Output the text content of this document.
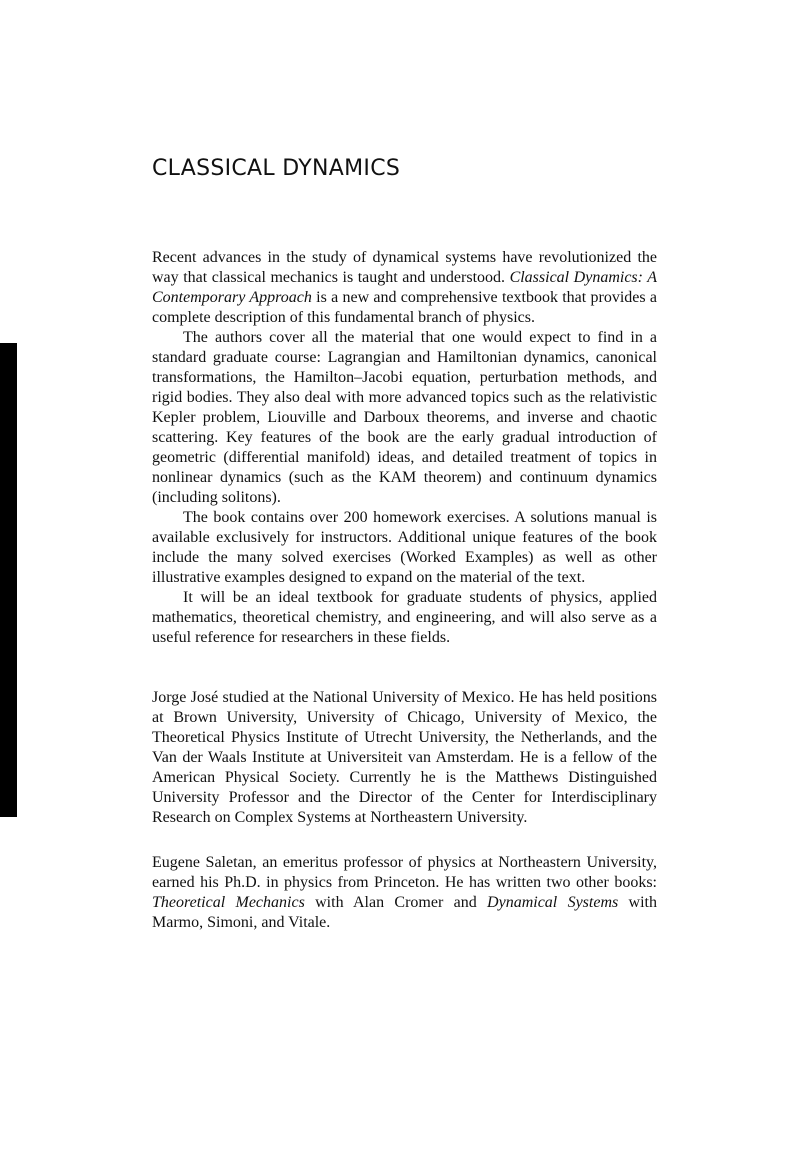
CLASSICAL DYNAMICS

Recent advances in the study of dynamical systems have revolutionized the way that classical mechanics is taught and understood. Classical Dynamics: A Contemporary Approach is a new and comprehensive textbook that provides a complete description of this fundamental branch of physics.

The authors cover all the material that one would expect to find in a standard graduate course: Lagrangian and Hamiltonian dynamics, canonical transformations, the Hamilton–Jacobi equation, perturbation methods, and rigid bodies. They also deal with more advanced topics such as the relativistic Kepler problem, Liouville and Darboux theorems, and inverse and chaotic scattering. Key features of the book are the early gradual introduction of geometric (differential manifold) ideas, and detailed treatment of topics in nonlinear dynamics (such as the KAM theorem) and continuum dynamics (including solitons).

The book contains over 200 homework exercises. A solutions manual is available exclusively for instructors. Additional unique features of the book include the many solved exercises (Worked Examples) as well as other illustrative examples designed to expand on the material of the text.

It will be an ideal textbook for graduate students of physics, applied mathematics, theoretical chemistry, and engineering, and will also serve as a useful reference for researchers in these fields.

Jorge José studied at the National University of Mexico. He has held positions at Brown University, University of Chicago, University of Mexico, the Theoretical Physics Institute of Utrecht University, the Netherlands, and the Van der Waals Institute at Universiteit van Amsterdam. He is a fellow of the American Physical Society. Currently he is the Matthews Distinguished University Professor and the Director of the Center for Interdisciplinary Research on Complex Systems at Northeastern University.

Eugene Saletan, an emeritus professor of physics at Northeastern University, earned his Ph.D. in physics from Princeton. He has written two other books: Theoretical Mechanics with Alan Cromer and Dynamical Systems with Marmo, Simoni, and Vitale.
